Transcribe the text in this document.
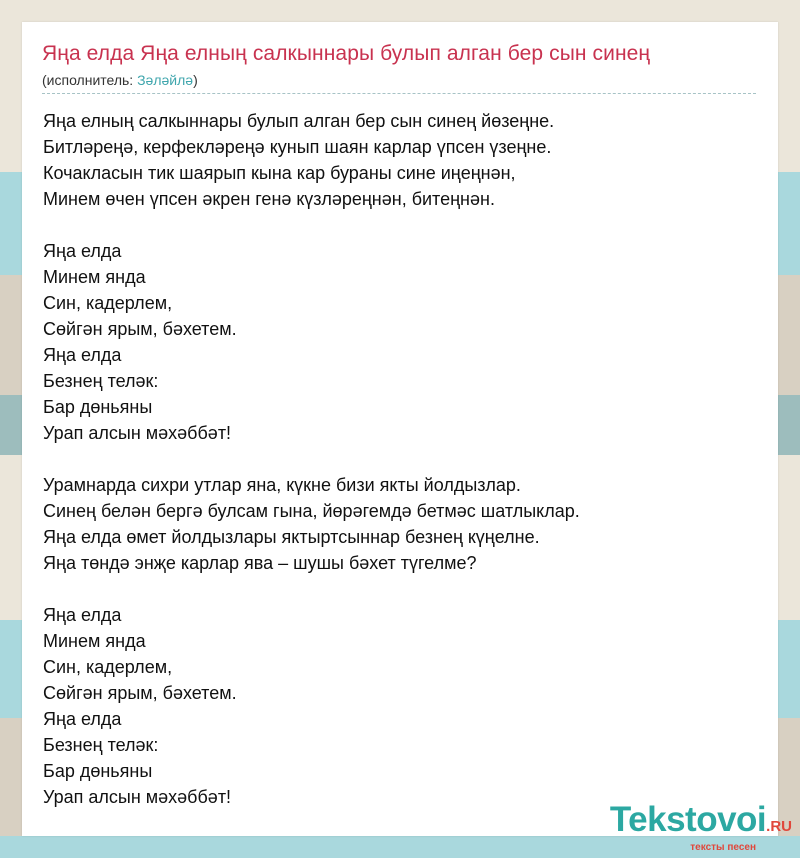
Яңа елда Яңа елның салкыннары булып алган бер сын синең
(исполнитель: Зәләйлә)
Яңа елның салкыннары булып алган бер сын синең йөзеңне.
Битләреңә, керфекләреңә кунып шаян карлар үпсен үзеңне.
Кочакласын тик шаярып кына кар бураны сине иңеңнән,
Минем өчен үпсен әкрен генә күзләреңнән, битеңнән.
Яңа елда
Минем янда
Син, кадерлем,
Сөйгән ярым, бәхетем.
Яңа елда
Безнең теләк:
Бар дөньяны
Урап алсын мәхәббәт!
Урамнарда сихри утлар яна, күкне бизи якты йолдызлар.
Синең белән бергә булсам гына, йөрәгемдә бетмәс шатлыклар.
Яңа елда өмет йолдызлары яктыртсыннар безнең күңелне.
Яңа төндә энҗе карлар ява – шушы бәхет түгелме?
Яңа елда
Минем янда
Син, кадерлем,
Сөйгән ярым, бәхетем.
Яңа елда
Безнең теләк:
Бар дөньяны
Урап алсын мәхәббәт!
Tekstovoi.RU
тексты песен
